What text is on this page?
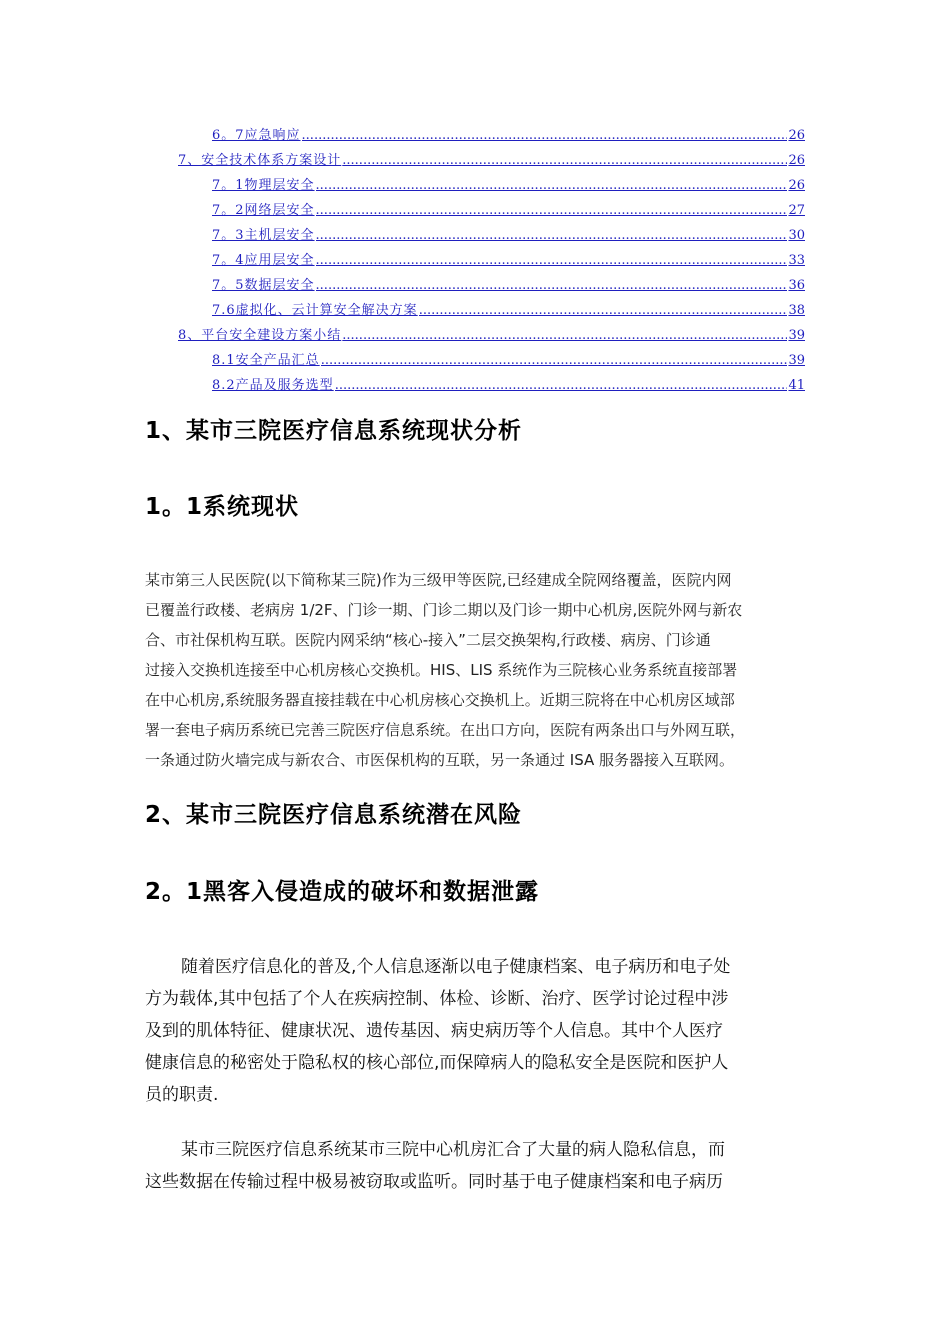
6。7应急响应 .....	26
7、安全技术体系方案设计 .....	26
7。1物理层安全 .....	26
7。2网络层安全 .....	27
7。3主机层安全 .....	30
7。4应用层安全 .....	33
7。5数据层安全 .....	36
7.6虚拟化、云计算安全解决方案 .....	38
8、平台安全建设方案小结 .....	39
8.1安全产品汇总 .....	39
8.2产品及服务选型 .....	41
1、某市三院医疗信息系统现状分析
1。1系统现状
某市第三人民医院(以下简称某三院)作为三级甲等医院,已经建成全院网络覆盖，医院内网
已覆盖行政楼、老病房 1/2F、门诊一期、门诊二期以及门诊一期中心机房,医院外网与新农
合、市社保机构互联。医院内网采纳“核心-接入”二层交换架构,行政楼、病房、门诊通
过接入交换机连接至中心机房核心交换机。HIS、LIS 系统作为三院核心业务系统直接部署
在中心机房,系统服务器直接挂载在中心机房核心交换机上。近期三院将在中心机房区域部
署一套电子病历系统已完善三院医疗信息系统。在出口方向，医院有两条出口与外网互联，
一条通过防火墙完成与新农合、市医保机构的互联，另一条通过 ISA 服务器接入互联网。
2、某市三院医疗信息系统潜在风险
2。1黑客入侵造成的破坏和数据泄露
随着医疗信息化的普及,个人信息逐渐以电子健康档案、电子病历和电子处
方为载体,其中包括了个人在疾病控制、体检、诊断、治疗、医学讨论过程中涉
及到的肌体特征、健康状况、遗传基因、病史病历等个人信息。其中个人医疗
健康信息的秘密处于隐私权的核心部位,而保障病人的隐私安全是医院和医护人
员的职责.
某市三院医疗信息系统某市三院中心机房汇合了大量的病人隐私信息，而
这些数据在传输过程中极易被窃取或监听。同时基于电子健康档案和电子病历
